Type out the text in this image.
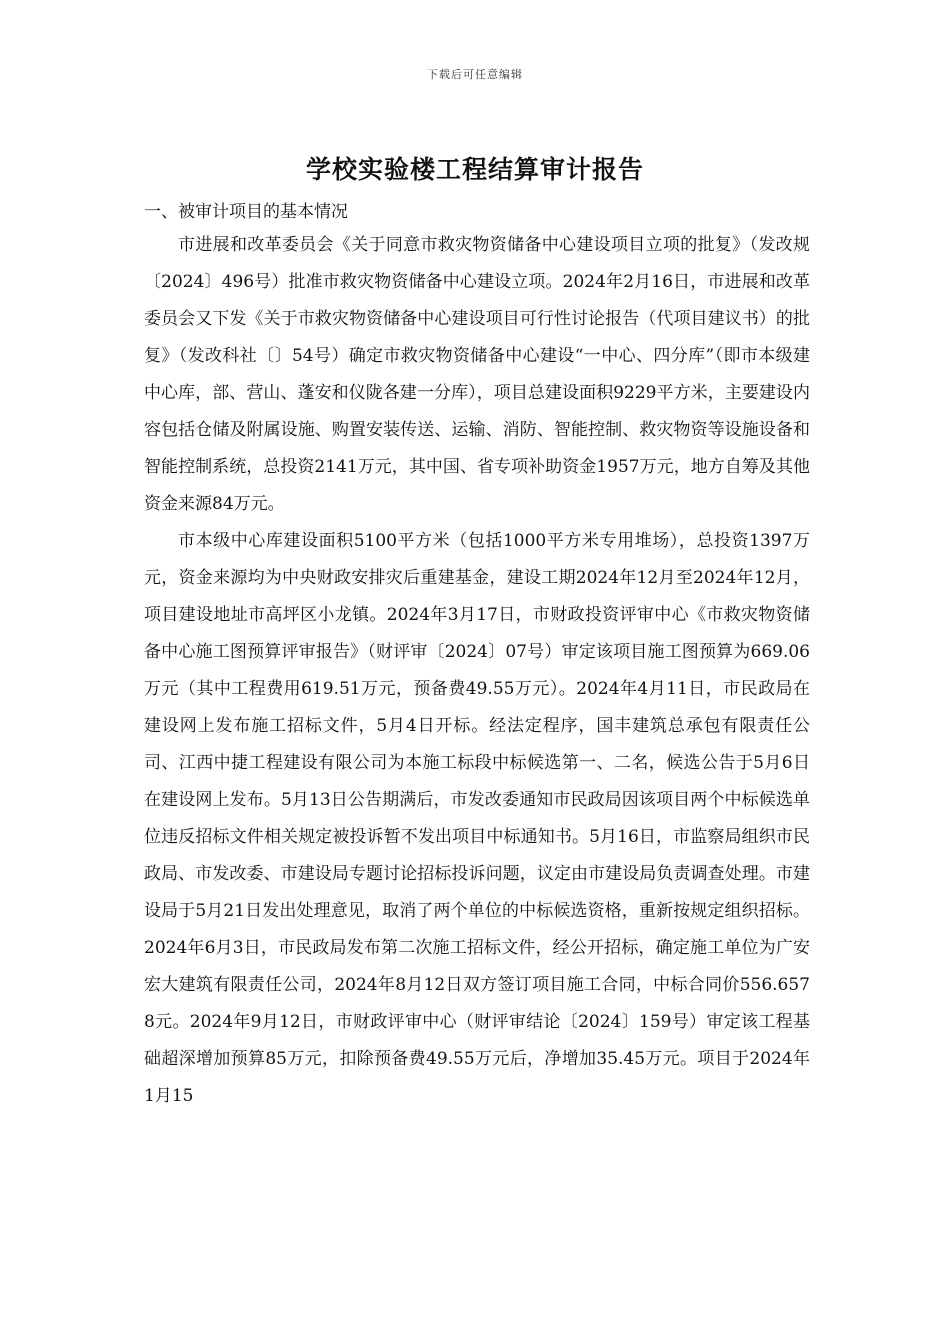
下载后可任意编辑
学校实验楼工程结算审计报告
一、被审计项目的基本情况

市进展和改革委员会《关于同意市救灾物资储备中心建设项目立项的批复》（发改规〔2024〕496号）批准市救灾物资储备中心建设立项。2024年2月16日，市进展和改革委员会又下发《关于市救灾物资储备中心建设项目可行性讨论报告（代项目建议书）的批复》（发改科社〔〕54号）确定市救灾物资储备中心建设“一中心、四分库”（即市本级建中心库，部、营山、蓬安和仪陇各建一分库），项目总建设面积9229平方米，主要建设内容包括仓储及附属设施、购置安装传送、运输、消防、智能控制、救灾物资等设施设备和智能控制系统，总投资2141万元，其中国、省专项补助资金1957万元，地方自筹及其他资金来源84万元。

市本级中心库建设面积5100平方米（包括1000平方米专用堆场），总投资1397万元，资金来源均为中央财政安排灾后重建基金，建设工期2024年12月至2024年12月，项目建设地址市高坪区小龙镇。2024年3月17日，市财政投资评审中心《市救灾物资储备中心施工图预算评审报告》（财评审〔2024〕07号）审定该项目施工图预算为669.06万元（其中工程费用619.51万元，预备费49.55万元）。2024年4月11日，市民政局在建设网上发布施工招标文件，5月4日开标。经法定程序，国丰建筑总承包有限责任公司、江西中捷工程建设有限公司为本施工标段中标候选第一、二名，候选公告于5月6日在建设网上发布。5月13日公告期满后，市发改委通知市民政局因该项目两个中标候选单位违反招标文件相关规定被投诉暂不发出项目中标通知书。5月16日，市监察局组织市民政局、市发改委、市建设局专题讨论招标投诉问题，议定由市建设局负责调查处理。市建设局于5月21日发出处理意见，取消了两个单位的中标候选资格，重新按规定组织招标。2024年6月3日，市民政局发布第二次施工招标文件，经公开招标，确定施工单位为广安宏大建筑有限责任公司，2024年8月12日双方签订项目施工合同，中标合同价556.6578元。2024年9月12日，市财政评审中心（财评审结论〔2024〕159号）审定该工程基础超深增加预算85万元，扣除预备费49.55万元后，净增加35.45万元。项目于2024年1月15
